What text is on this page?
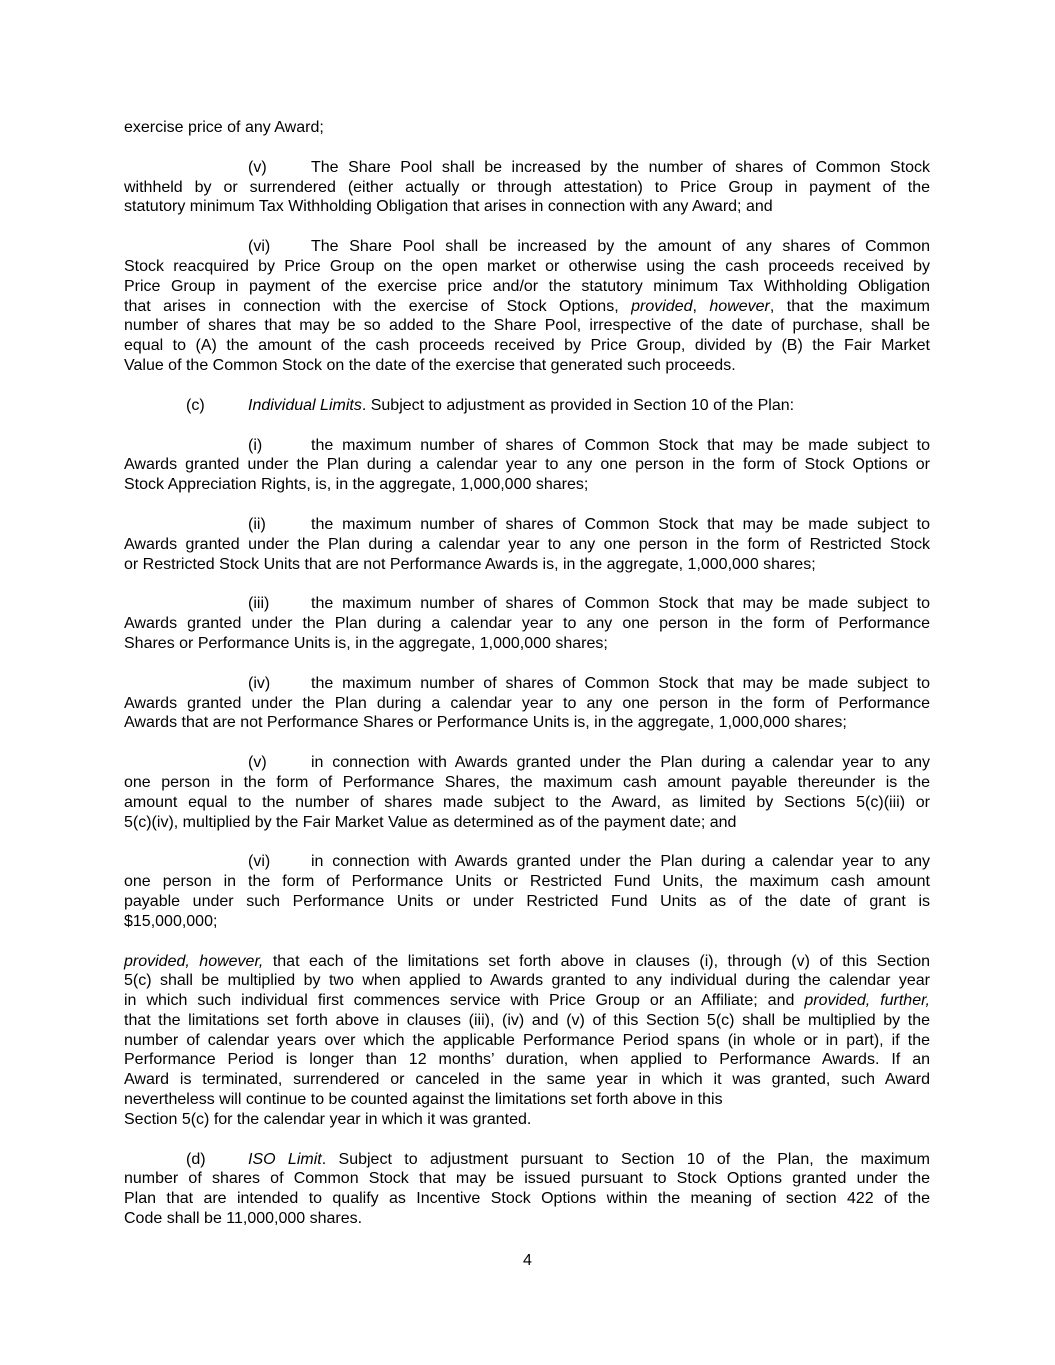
exercise price of any Award;
(v)	The Share Pool shall be increased by the number of shares of Common Stock
withheld by or surrendered (either actually or through attestation) to Price Group in payment of the
statutory minimum Tax Withholding Obligation that arises in connection with any Award; and
(vi)	The Share Pool shall be increased by the amount of any shares of Common
Stock reacquired by Price Group on the open market or otherwise using the cash proceeds received by
Price Group in payment of the exercise price and/or the statutory minimum Tax Withholding Obligation
that arises in connection with the exercise of Stock Options, provided, however, that the maximum
number of shares that may be so added to the Share Pool, irrespective of the date of purchase, shall be
equal to (A) the amount of the cash proceeds received by Price Group, divided by (B) the Fair Market
Value of the Common Stock on the date of the exercise that generated such proceeds.
(c)	Individual Limits. Subject to adjustment as provided in Section 10 of the Plan:
(i)	the maximum number of shares of Common Stock that may be made subject to
Awards granted under the Plan during a calendar year to any one person in the form of Stock Options or
Stock Appreciation Rights, is, in the aggregate, 1,000,000 shares;
(ii)	the maximum number of shares of Common Stock that may be made subject to
Awards granted under the Plan during a calendar year to any one person in the form of Restricted Stock
or Restricted Stock Units that are not Performance Awards is, in the aggregate, 1,000,000 shares;
(iii)	the maximum number of shares of Common Stock that may be made subject to
Awards granted under the Plan during a calendar year to any one person in the form of Performance
Shares or Performance Units is, in the aggregate, 1,000,000 shares;
(iv)	the maximum number of shares of Common Stock that may be made subject to
Awards granted under the Plan during a calendar year to any one person in the form of Performance
Awards that are not Performance Shares or Performance Units is, in the aggregate, 1,000,000 shares;
(v)	in connection with Awards granted under the Plan during a calendar year to any
one person in the form of Performance Shares, the maximum cash amount payable thereunder is the
amount equal to the number of shares made subject to the Award, as limited by Sections 5(c)(iii) or
5(c)(iv), multiplied by the Fair Market Value as determined as of the payment date; and
(vi)	in connection with Awards granted under the Plan during a calendar year to any
one person in the form of Performance Units or Restricted Fund Units, the maximum cash amount
payable under such Performance Units or under Restricted Fund Units as of the date of grant is
$15,000,000;
provided, however, that each of the limitations set forth above in clauses (i), through (v) of this Section
5(c) shall be multiplied by two when applied to Awards granted to any individual during the calendar year
in which such individual first commences service with Price Group or an Affiliate; and provided, further,
that the limitations set forth above in clauses (iii), (iv) and (v) of this Section 5(c) shall be multiplied by the
number of calendar years over which the applicable Performance Period spans (in whole or in part), if the
Performance Period is longer than 12 months’ duration, when applied to Performance Awards. If an
Award is terminated, surrendered or canceled in the same year in which it was granted, such Award
nevertheless will continue to be counted against the limitations set forth above in this
Section 5(c) for the calendar year in which it was granted.
(d)	ISO Limit. Subject to adjustment pursuant to Section 10 of the Plan, the maximum
number of shares of Common Stock that may be issued pursuant to Stock Options granted under the
Plan that are intended to qualify as Incentive Stock Options within the meaning of section 422 of the
Code shall be 11,000,000 shares.
4
